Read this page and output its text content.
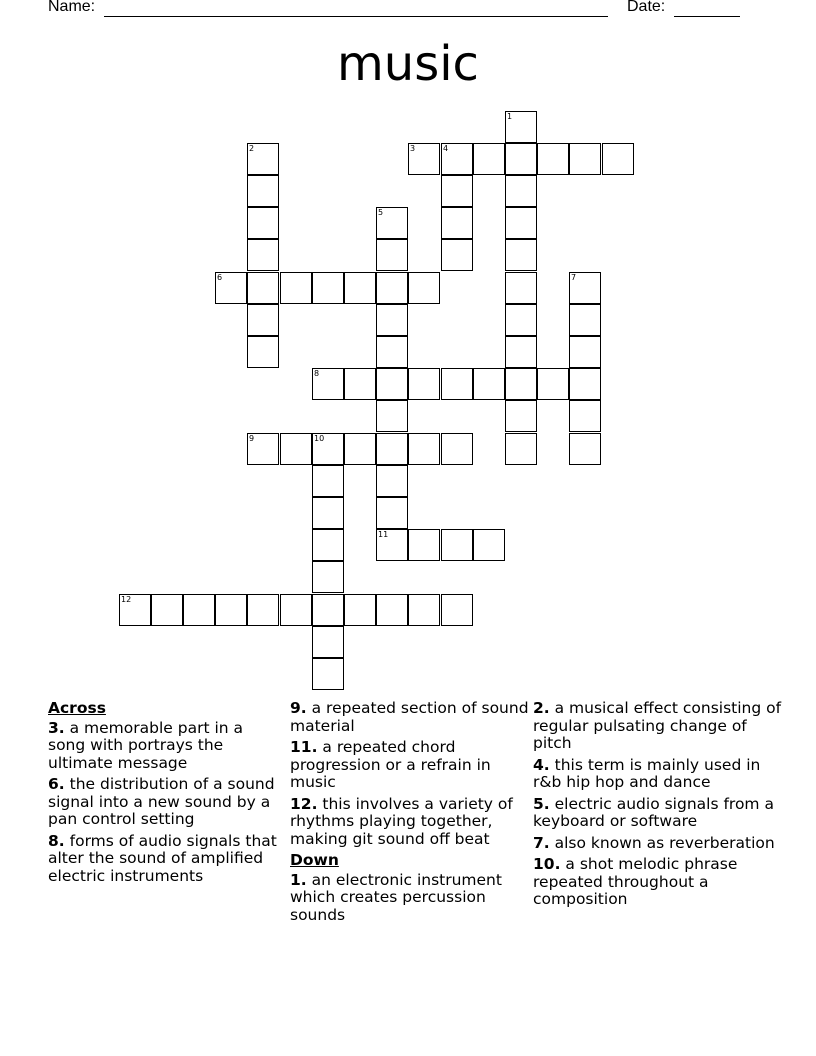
Name:	Date:
music
1
2	3	4
5
6	7
8
9	10
11
12
Across
3. a memorable part in a song with portrays the ultimate message
6. the distribution of a sound signal into a new sound by a pan control setting
8. forms of audio signals that alter the sound of amplified electric instruments
9. a repeated section of sound material
11. a repeated chord progression or a refrain in music
12. this involves a variety of rhythms playing together, making git sound off beat
Down
1. an electronic instrument which creates percussion sounds
2. a musical effect consisting of regular pulsating change of pitch
4. this term is mainly used in r&b hip hop and dance
5. electric audio signals from a keyboard or software
7. also known as reverberation
10. a shot melodic phrase repeated throughout a composition
